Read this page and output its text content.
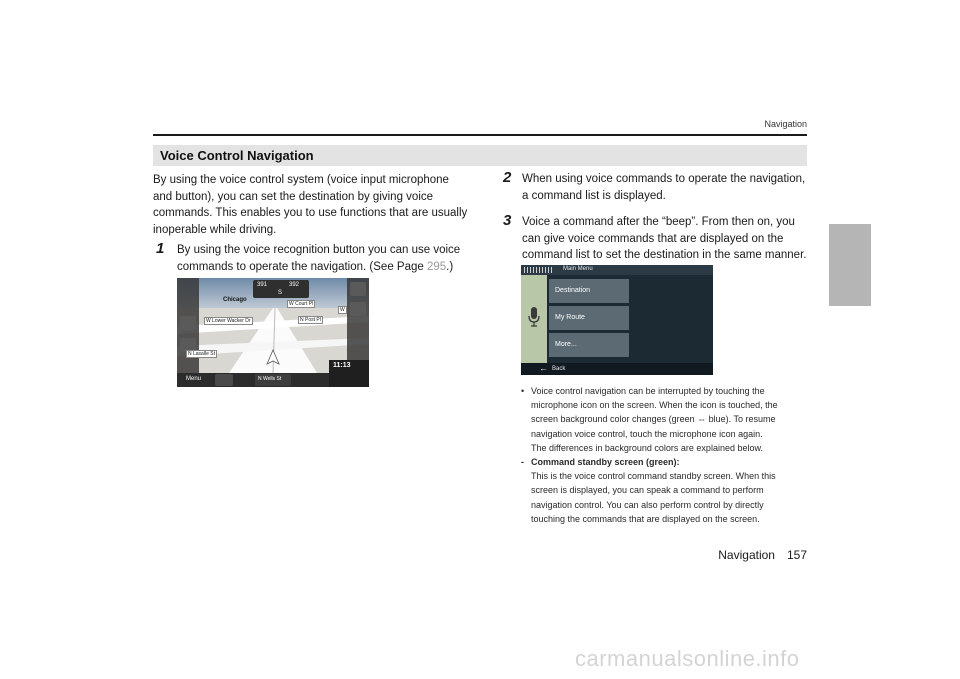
Navigation
Voice Control Navigation
By using the voice control system (voice input microphone
and button), you can set the destination by giving voice
commands. This enables you to use functions that are usually
inoperable while driving.
1 By using the voice recognition button you can use voice
commands to operate the navigation. (See Page 295.)
391	392
S
Chicago
W Court Pl
W Lower Wacker Dr	N Post Pl
W
N Lasalle St
N Wells St
Menu
11:13
2 When using voice commands to operate the navigation,
a command list is displayed.
3 Voice a command after the “beep”. From then on, you
can give voice commands that are displayed on the
command list to set the destination in the same manner.
Main Menu
Destination
My Route
More...
← Back
• Voice control navigation can be interrupted by touching the
microphone icon on the screen. When the icon is touched, the
screen background color changes (green ⇔ blue). To resume
navigation voice control, touch the microphone icon again.
The differences in background colors are explained below.
- Command standby screen (green):
This is the voice control command standby screen. When this
screen is displayed, you can speak a command to perform
navigation control. You can also perform control by directly
touching the commands that are displayed on the screen.
Navigation 157
carmanualsonline.info
